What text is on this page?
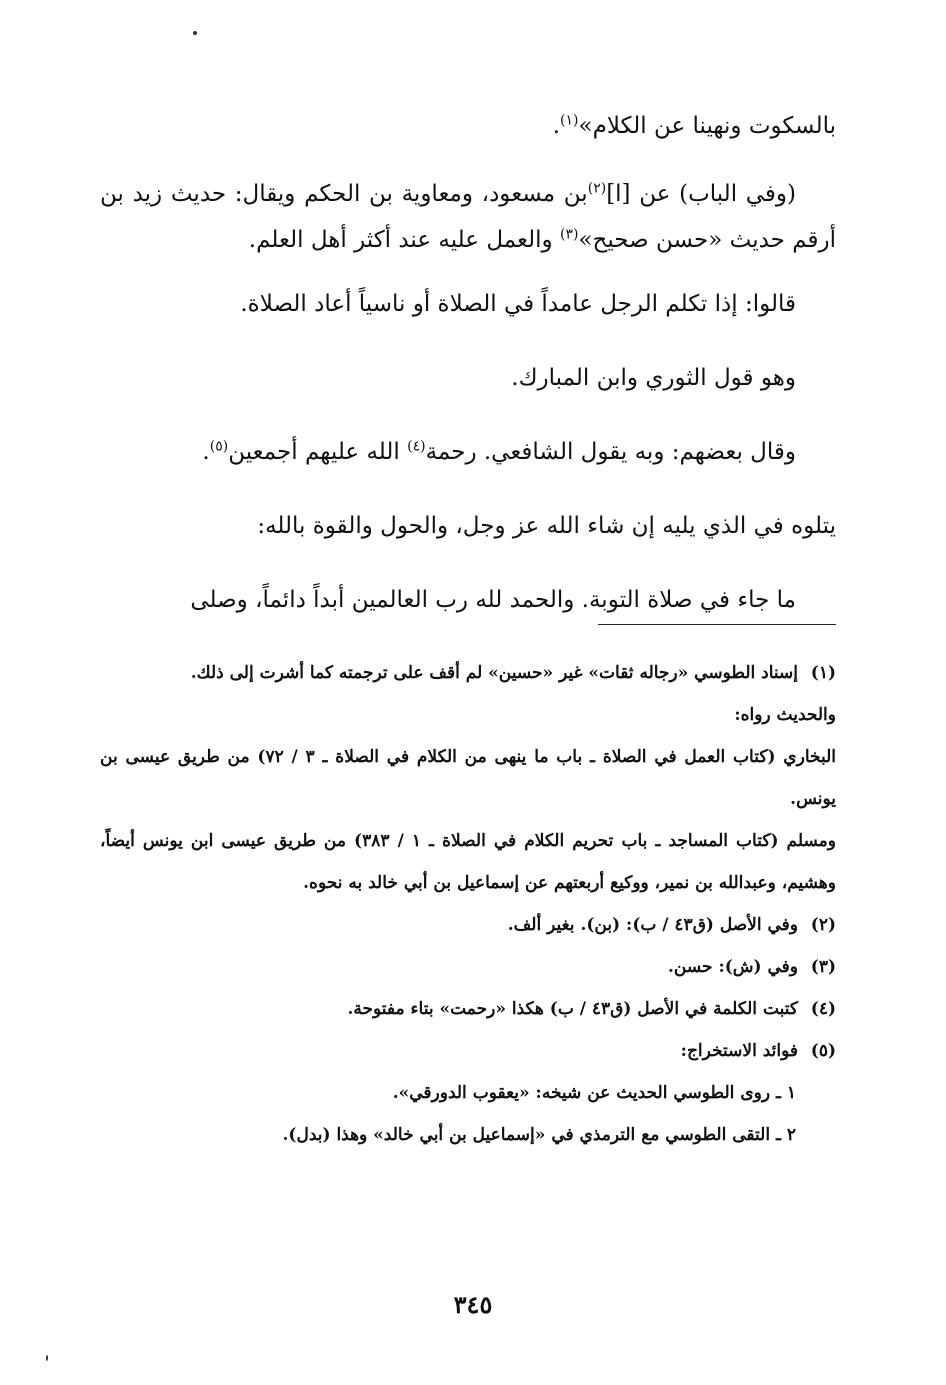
بالسكوت ونهينا عن الكلام»$^{(١)}$.

(وفي الباب) عن [ا]$^{(٢)}$بن مسعود، ومعاوية بن الحكم ويقال: حديث زيد بن أرقم حديث «حسن صحيح»$^{(٣)}$ والعمل عليه عند أكثر أهل العلم.

قالوا: إذا تكلم الرجل عامداً في الصلاة أو ناسياً أعاد الصلاة.

وهو قول الثوري وابن المبارك.

وقال بعضهم: وبه يقول الشافعي. رحمة$^{(٤)}$ الله عليهم أجمعين$^{(٥)}$.

يتلوه في الذي يليه إن شاء الله عز وجل، والحول والقوة بالله:

ما جاء في صلاة التوبة. والحمد لله رب العالمين أبداً دائماً، وصلى

(١)إسناد الطوسي «رجاله ثقات» غير «حسين» لم أقف على ترجمته كما أشرت إلى ذلك.

والحديث رواه:

البخاري (كتاب العمل في الصلاة ـ باب ما ينهى من الكلام في الصلاة ـ ٣ / ٧٢) من طريق عيسى بن يونس.

ومسلم (كتاب المساجد ـ باب تحريم الكلام في الصلاة ـ ١ / ٣٨٣) من طريق عيسى ابن يونس أيضاً، وهشيم، وعبدالله بن نمير، ووكيع أربعتهم عن إسماعيل بن أبي خالد به نحوه.

(٢)وفي الأصل (ق٤٣ / ب): (بن). بغير ألف.

(٣)وفي (ش): حسن.

(٤)كتبت الكلمة في الأصل (ق٤٣ / ب) هكذا «رحمت» بتاء مفتوحة.

(٥)فوائد الاستخراج:

١ ـ روى الطوسي الحديث عن شيخه: «يعقوب الدورقي».

٢ ـ التقى الطوسي مع الترمذي في «إسماعيل بن أبي خالد» وهذا (بدل).

٣٤٥
